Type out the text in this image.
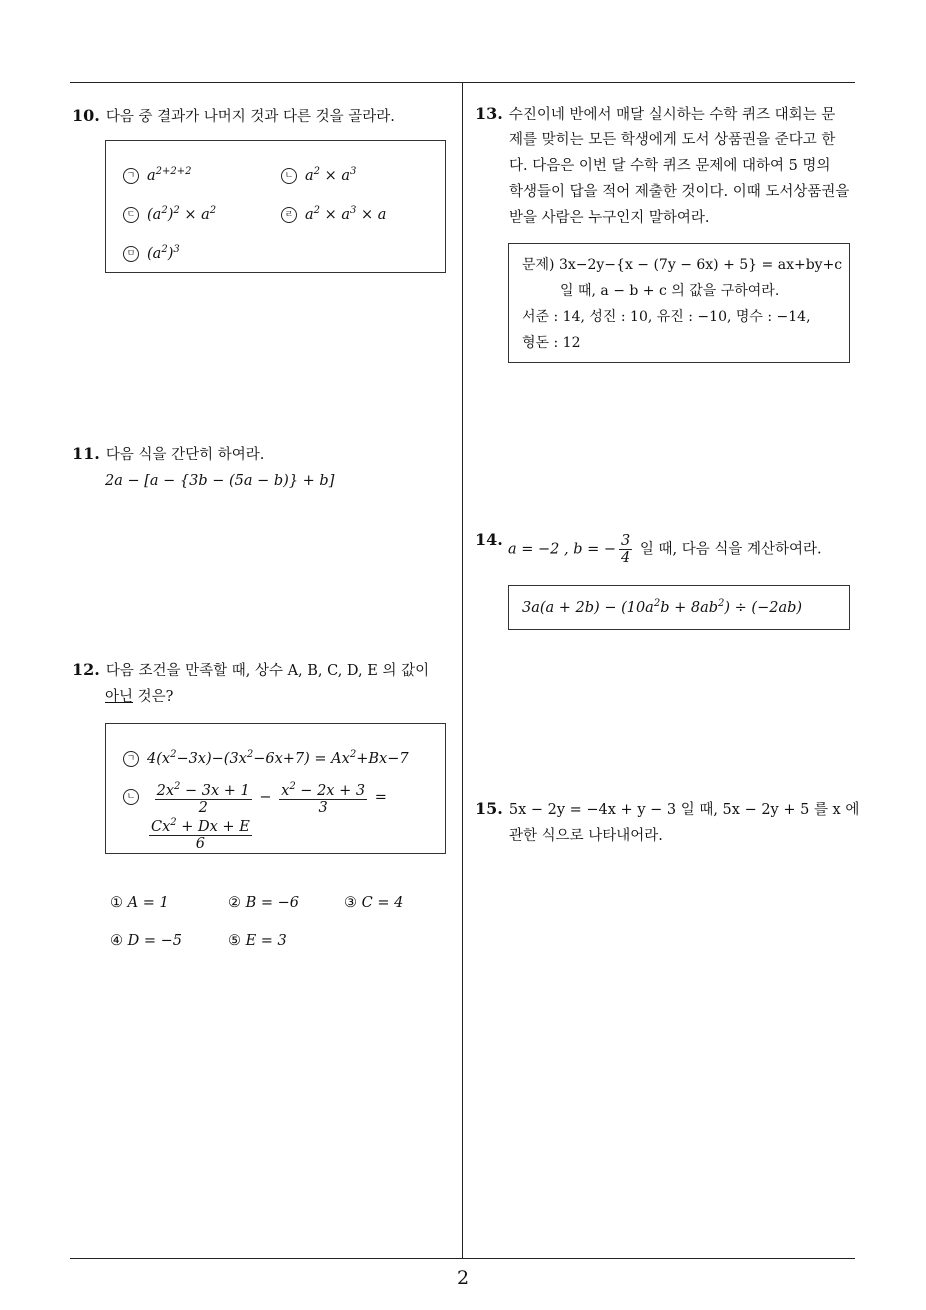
10. 다음 중 결과가 나머지 것과 다른 것을 골라라.
ㄱ $a^{2+2+2}$	ㄴ $a^2 \times a^3$
ㄷ $(a^2)^2 \times a^2$	ㄹ $a^2 \times a^3 \times a$
ㅁ $(a^2)^3$
11. 다음 식을 간단히 하여라.
2a − [a − {3b − (5a − b)} + b]
12. 다음 조건을 만족할 때, 상수 A, B, C, D, E 의 값이
아닌 것은?
ㄱ $4(x^2-3x)-(3x^2-6x+7) = Ax^2+Bx-7$
ㄴ $\frac{2x^2 - 3x + 1}{2} - \frac{x^2 - 2x + 3}{3}$ =
$\frac{Cx^2 + Dx + E}{6}$
① A = 1	② B = −6	③ C = 4
④ D = −5	⑤ E = 3
13. 수진이네 반에서 매달 실시하는 수학 퀴즈 대회는 문
제를 맞히는 모든 학생에게 도서 상품권을 준다고 한
다. 다음은 이번 달 수학 퀴즈 문제에 대하여 5 명의
학생들이 답을 적어 제출한 것이다. 이때 도서상품권을
받을 사람은 누구인지 말하여라.
문제) 3x−2y−{x − (7y − 6x) + 5} = ax+by+c
일 때, a − b + c 의 값을 구하여라.
서준 : 14, 성진 : 10, 유진 : −10, 명수 : −14,
형돈 : 12
14.
a = −2 , b = − $\frac{3}{4}$ 일 때, 다음 식을 계산하여라.
$3a(a + 2b) - (10a^2b + 8ab^2) \div (-2ab)$
15. 5x − 2y = −4x + y − 3 일 때, 5x − 2y + 5 를 x 에
관한 식으로 나타내어라.
2
